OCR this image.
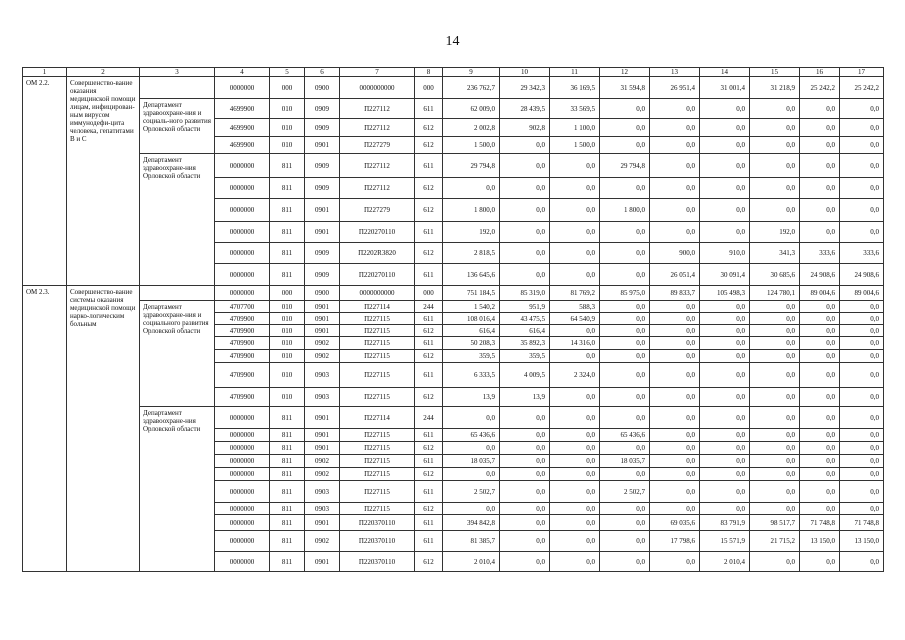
14
1	2	3	4	5	6	7	8	9	10	11	12	13	14	15	16	17
ОМ 2.2.	Совершенство-вание оказания медицинской помощи лицам, инфицирован-ным вирусом иммунодефи-цита человека, гепатитами В и С		0000000	000	0900	0000000000	000	236 762,7	29 342,3	36 169,5	31 594,8	26 951,4	31 001,4	31 218,9	25 242,2	25 242,2
		Департамент здравоохране-ния и социаль-ного развития Орловской области	4699900	010	0909	П227112	611	62 009,0	28 439,5	33 569,5	0,0	0,0	0,0	0,0	0,0	0,0
			4699900	010	0909	П227112	612	2 002,8	902,8	1 100,0	0,0	0,0	0,0	0,0	0,0	0,0
			4699900	010	0901	П227279	612	1 500,0	0,0	1 500,0	0,0	0,0	0,0	0,0	0,0	0,0
		Департамент здравоохране-ния Орловской области	0000000	811	0909	П227112	611	29 794,8	0,0	0,0	29 794,8	0,0	0,0	0,0	0,0	0,0
			0000000	811	0909	П227112	612	0,0	0,0	0,0	0,0	0,0	0,0	0,0	0,0	0,0
			0000000	811	0901	П227279	612	1 800,0	0,0	0,0	1 800,0	0,0	0,0	0,0	0,0	0,0
			0000000	811	0901	П220270110	611	192,0	0,0	0,0	0,0	0,0	0,0	192,0	0,0	0,0
			0000000	811	0909	П2202R3820	612	2 818,5	0,0	0,0	0,0	900,0	910,0	341,3	333,6	333,6
			0000000	811	0909	П220270110	611	136 645,6	0,0	0,0	0,0	26 051,4	30 091,4	30 685,6	24 908,6	24 908,6
ОМ 2.3.	Совершенство-вание системы оказания медицинской помощи нарко-логическим больным		0000000	000	0900	0000000000	000	751 184,5	85 319,0	81 769,2	85 975,0	89 833,7	105 498,3	124 780,1	89 004,6	89 004,6
		Департамент здравоохране-ния и социального развития Орловской области	4707700	010	0901	П227114	244	1 540,2	951,9	588,3	0,0	0,0	0,0	0,0	0,0	0,0
			4709900	010	0901	П227115	611	108 016,4	43 475,5	64 540,9	0,0	0,0	0,0	0,0	0,0	0,0
			4709900	010	0901	П227115	612	616,4	616,4	0,0	0,0	0,0	0,0	0,0	0,0	0,0
			4709900	010	0902	П227115	611	50 208,3	35 892,3	14 316,0	0,0	0,0	0,0	0,0	0,0	0,0
			4709900	010	0902	П227115	612	359,5	359,5	0,0	0,0	0,0	0,0	0,0	0,0	0,0
			4709900	010	0903	П227115	611	6 333,5	4 009,5	2 324,0	0,0	0,0	0,0	0,0	0,0	0,0
			4709900	010	0903	П227115	612	13,9	13,9	0,0	0,0	0,0	0,0	0,0	0,0	0,0
		Департамент здравоохране-ния Орловской области	0000000	811	0901	П227114	244	0,0	0,0	0,0	0,0	0,0	0,0	0,0	0,0	0,0
			0000000	811	0901	П227115	611	65 436,6	0,0	0,0	65 436,6	0,0	0,0	0,0	0,0	0,0
			0000000	811	0901	П227115	612	0,0	0,0	0,0	0,0	0,0	0,0	0,0	0,0	0,0
			0000000	811	0902	П227115	611	18 035,7	0,0	0,0	18 035,7	0,0	0,0	0,0	0,0	0,0
			0000000	811	0902	П227115	612	0,0	0,0	0,0	0,0	0,0	0,0	0,0	0,0	0,0
			0000000	811	0903	П227115	611	2 502,7	0,0	0,0	2 502,7	0,0	0,0	0,0	0,0	0,0
			0000000	811	0903	П227115	612	0,0	0,0	0,0	0,0	0,0	0,0	0,0	0,0	0,0
			0000000	811	0901	П220370110	611	394 842,8	0,0	0,0	0,0	69 035,6	83 791,9	98 517,7	71 748,8	71 748,8
			0000000	811	0902	П220370110	611	81 385,7	0,0	0,0	0,0	17 798,6	15 571,9	21 715,2	13 150,0	13 150,0
			0000000	811	0901	П220370110	612	2 010,4	0,0	0,0	0,0	0,0	2 010,4	0,0	0,0	0,0
